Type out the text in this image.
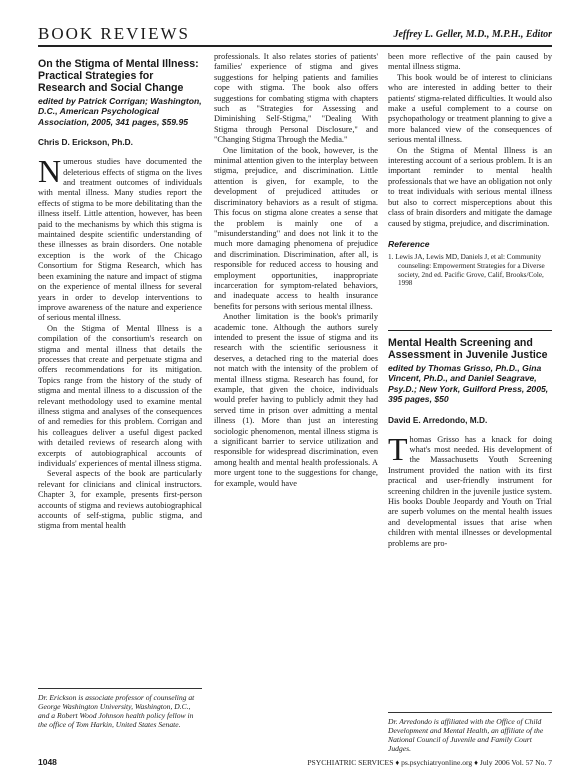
BOOK REVIEWS	Jeffrey L. Geller, M.D., M.P.H., Editor
On the Stigma of Mental Illness: Practical Strategies for Research and Social Change
edited by Patrick Corrigan; Washington, D.C., American Psychological Association, 2005, 341 pages, $59.95
Chris D. Erickson, Ph.D.

Numerous studies have documented the deleterious effects of stigma on the lives and treatment outcomes of individuals with mental illness. Many studies report the effects of stigma to be more debilitating than the illness itself. Little attention, however, has been paid to the mechanisms by which this stigma is maintained despite scientific understanding of these illnesses as brain disorders. One notable exception is the work of the Chicago Consortium for Stigma Research, which has been examining the nature and impact of stigma on the experience of mental illness for several years in order to develop interventions to improve awareness of the nature and experience of serious mental illness.

On the Stigma of Mental Illness is a compilation of the consortium's research on stigma and mental illness that details the processes that create and perpetuate stigma and offers recommendations for its mitigation. Topics range from the history of the study of stigma and mental illness to a discussion of the relevant methodology used to examine mental illness stigma and analyses of the consequences of and remedies for this problem. Corrigan and his colleagues deliver a useful digest packed with detailed reviews of research along with excerpts of autobiographical accounts of individuals' experiences of mental illness stigma.

Several aspects of the book are particularly relevant for clinicians and clinical instructors. Chapter 3, for example, presents first-person accounts of stigma and reviews autobiographical accounts of self-stigma, public stigma, and stigma from mental health

Dr. Erickson is associate professor of counseling at George Washington University, Washington, D.C., and a Robert Wood Johnson health policy fellow in the office of Tom Harkin, United States Senate.

professionals. It also relates stories of patients' families' experience of stigma and gives suggestions for helping patients and families cope with stigma. The book also offers suggestions for combating stigma with chapters such as "Strategies for Assessing and Diminishing Self-Stigma," "Dealing With Stigma through Personal Disclosure," and "Changing Stigma Through the Media."

One limitation of the book, however, is the minimal attention given to the interplay between stigma, prejudice, and discrimination. Little attention is given, for example, to the development of prejudiced attitudes or discriminatory behaviors as a result of stigma. This focus on stigma alone creates a sense that the problem is mainly one of a "misunderstanding" and does not link it to the much more damaging phenomena of prejudice and discrimination. Discrimination, after all, is responsible for reduced access to housing and employment opportunities, inappropriate incarceration for symptom-related behaviors, and inadequate access to health insurance benefits for persons with serious mental illness.

Another limitation is the book's primarily academic tone. Although the authors surely intended to present the issue of stigma and its research with the scientific seriousness it deserves, a detached ring to the material does not match with the intensity of the problem of mental illness stigma. Research has found, for example, that given the choice, individuals would prefer having to publicly admit they had served time in prison over admitting a mental illness (1). More than just an interesting sociologic phenomenon, mental illness stigma is a significant barrier to service utilization and responsible for widespread discrimination, even among health and mental health professionals. A more urgent tone to the suggestions for change, for example, would have

been more reflective of the pain caused by mental illness stigma.

This book would be of interest to clinicians who are interested in adding better to their patients' stigma-related difficulties. It would also make a useful complement to a course on psychopathology or treatment planning to give a more balanced view of the consequences of serious mental illness.

On the Stigma of Mental Illness is an interesting account of a serious problem. It is an important reminder to mental health professionals that we have an obligation not only to treat individuals with serious mental illness but also to correct misperceptions about this class of brain disorders and mitigate the damage caused by stigma, prejudice, and discrimination.

Reference

1. Lewis JA, Lewis MD, Daniels J, et al: Community counseling: Empowerment Strategies for a Diverse society, 2nd ed. Pacific Grove, Calif, Brooks/Cole, 1998

Mental Health Screening and Assessment in Juvenile Justice
edited by Thomas Grisso, Ph.D., Gina Vincent, Ph.D., and Daniel Seagrave, Psy.D.; New York, Guilford Press, 2005, 395 pages, $50
David E. Arredondo, M.D.

Thomas Grisso has a knack for doing what's most needed. His development of the Massachusetts Youth Screening Instrument provided the nation with its first practical and user-friendly instrument for screening children in the juvenile justice system. His books Double Jeopardy and Youth on Trial are superb volumes on the mental health issues and developmental issues that arise when children with mental illnesses or developmental problems are pro-

Dr. Arredondo is affiliated with the Office of Child Development and Mental Health, an affiliate of the National Council of Juvenile and Family Court Judges.

1048	PSYCHIATRIC SERVICES ♦ ps.psychiatryonline.org ♦ July 2006 Vol. 57 No. 7
